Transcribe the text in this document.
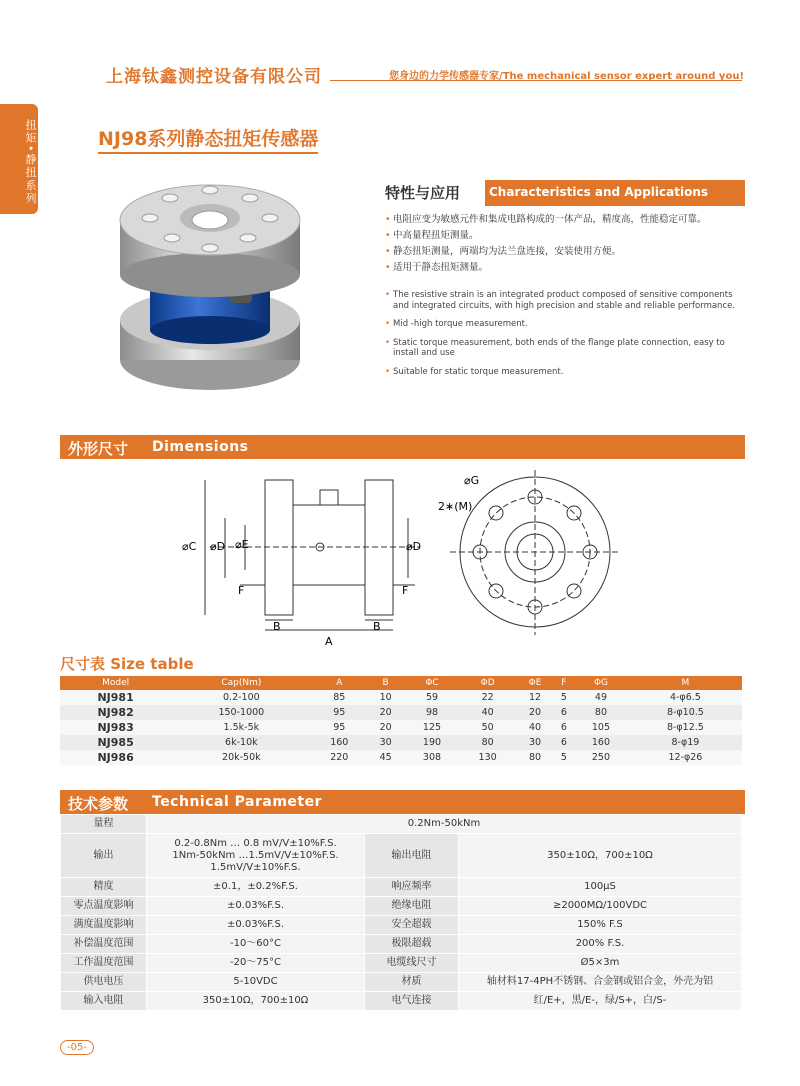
上海钛鑫测控设备有限公司	您身边的力学传感器专家/The mechanical sensor expert around you!
扭矩•静扭系列	NJ98系列静态扭矩传感器
特性与应用	Characteristics and Applications
• 电阻应变为敏感元件和集成电路构成的一体产品，精度高，性能稳定可靠。
• 中高量程扭矩测量。
• 静态扭矩测量，两端均为法兰盘连接，安装使用方便。
• 适用于静态扭矩测量。
• The resistive strain is an integrated product composed of sensitive components and integrated circuits, with high precision and stable and reliable performance.
• Mid -high torque measurement.
• Static torque measurement, both ends of the flange plate connection, easy to install and use
• Suitable for static torque measurement.
外形尺寸 Dimensions
⌀C ⌀D ⌀E	⌀D
F	F
A
B	B
⌀G
2∗(M)
尺寸表 Size table
Model	Cap(Nm)	A	B	ΦC	ΦD	ΦE	F	ΦG	M
NJ981	0.2-100	85	10	59	22	12	5	49	4-φ6.5
NJ982	150-1000	95	20	98	40	20	6	80	8-φ10.5
NJ983	1.5k-5k	95	20	125	50	40	6	105	8-φ12.5
NJ985	6k-10k	160	30	190	80	30	6	160	8-φ19
NJ986	20k-50k	220	45	308	130	80	5	250	12-φ26
技术参数 Technical Parameter
量程	0.2Nm-50kNm		
输出	0.2-0.8Nm … 0.8 mV/V±10%F.S.
1Nm-50kNm …1.5mV/V±10%F.S.
1.5mV/V±10%F.S.	输出电阻	350±10Ω，700±10Ω
精度	±0.1，±0.2%F.S.	响应频率	100μS
零点温度影响	±0.03%F.S.	绝缘电阻	≥2000MΩ/100VDC
满度温度影响	±0.03%F.S.	安全超载	150% F.S
补偿温度范围	-10～60°C	极限超载	200% F.S.
工作温度范围	-20～75°C	电缆线尺寸	Ø5×3m
供电电压	5-10VDC	材质	轴材料17-4PH不锈钢、合金钢或铝合金，外壳为铝
输入电阻	350±10Ω，700±10Ω	电气连接	红/E+，黑/E-，绿/S+，白/S-
-05-
